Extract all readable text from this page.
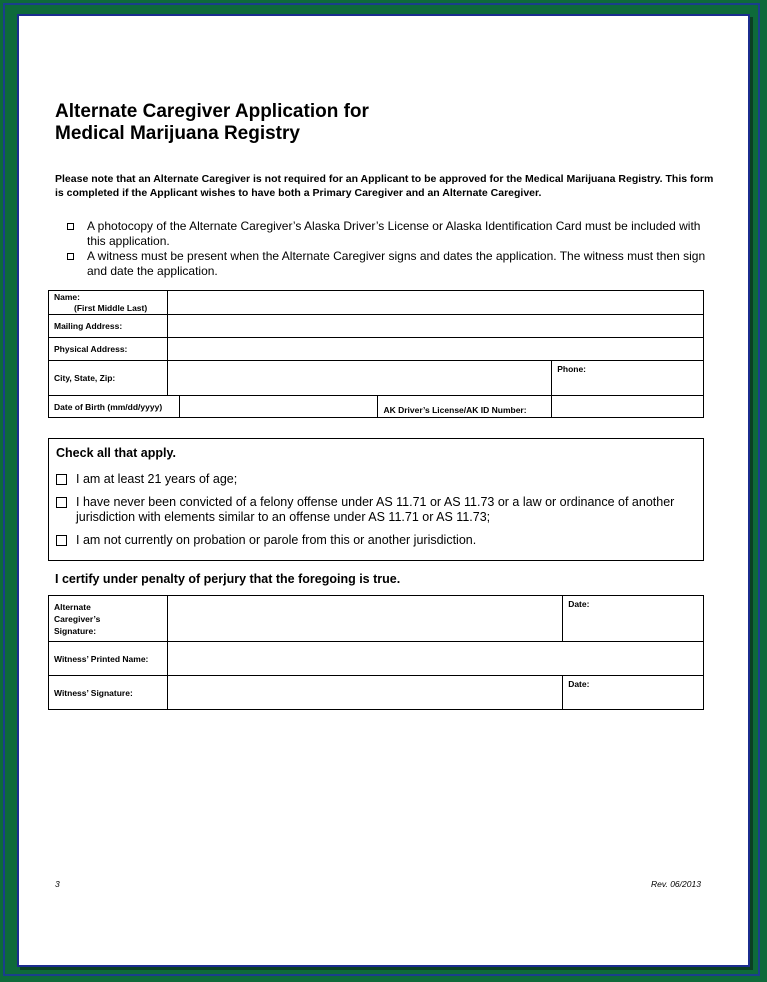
Alternate Caregiver Application for
Medical Marijuana Registry
Please note that an Alternate Caregiver is not required for an Applicant to be approved for the Medical Marijuana Registry. This form is completed if the Applicant wishes to have both a Primary Caregiver and an Alternate Caregiver.
A photocopy of the Alternate Caregiver’s Alaska Driver’s License or Alaska Identification Card must be included with this application.
A witness must be present when the Alternate Caregiver signs and dates the application. The witness must then sign and date the application.
Name:
(First Middle Last)				
Mailing Address:				
Physical Address:				
City, State, Zip:				Phone:
Date of Birth (mm/dd/yyyy)			AK Driver’s License/AK ID Number:	
Check all that apply.
I am at least 21 years of age;
I have never been convicted of a felony offense under AS 11.71 or AS 11.73 or a law or ordinance of another jurisdiction with elements similar to an offense under AS 11.71 or AS 11.73;
I am not currently on probation or parole from this or another jurisdiction.
I certify under penalty of perjury that the foregoing is true.
Alternate Caregiver’s Signature:		Date:
Witness’ Printed Name:		
Witness’ Signature:		Date:
3	Rev. 06/2013
